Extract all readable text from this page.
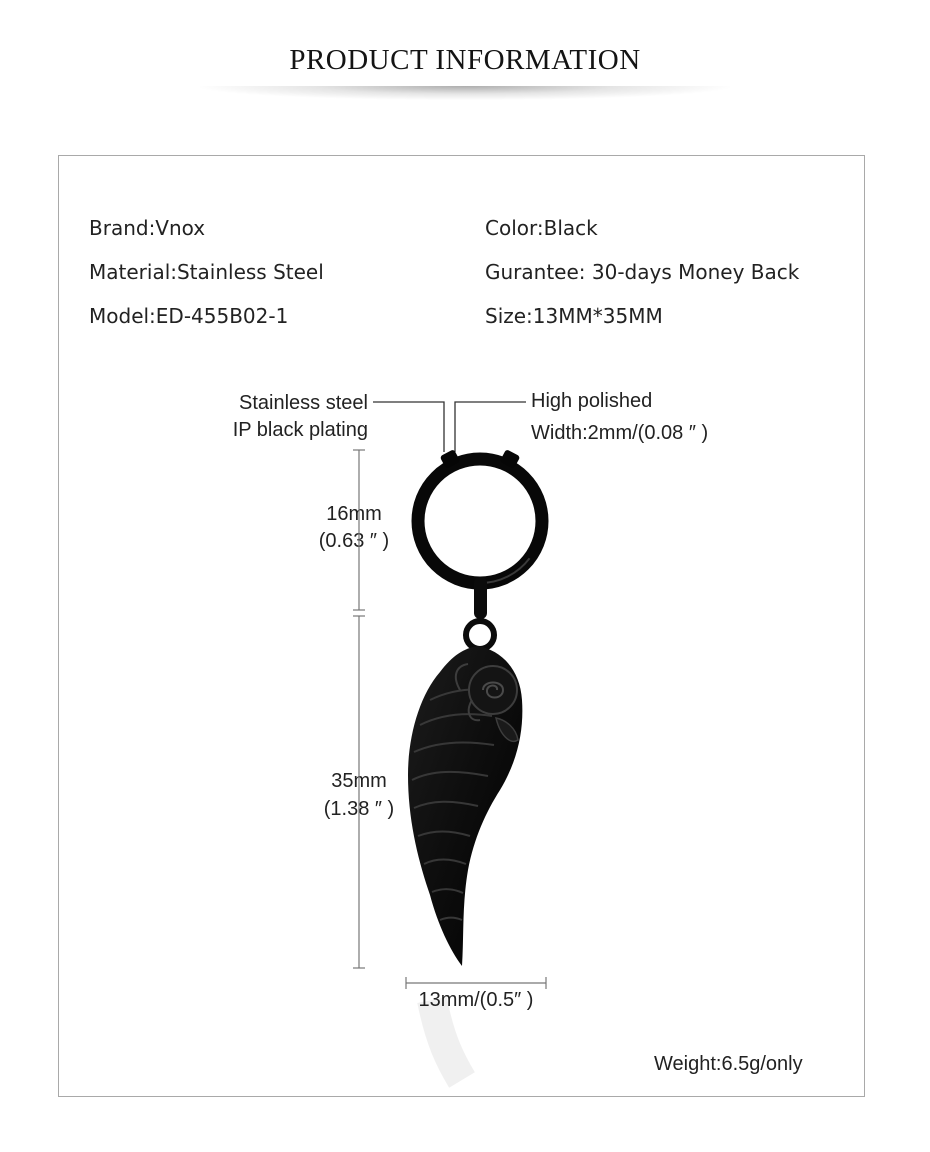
PRODUCT INFORMATION
Brand:Vnox
Material:Stainless Steel
Model:ED-455B02-1
Color:Black
Gurantee: 30-days Money Back
Size:13MM*35MM
Stainless steel
IP black plating
High polished
Width:2mm/(0.08 ″ )
16mm
(0.63 ″ )
35mm
(1.38 ″ )
13mm/(0.5″ )
Weight:6.5g/only
